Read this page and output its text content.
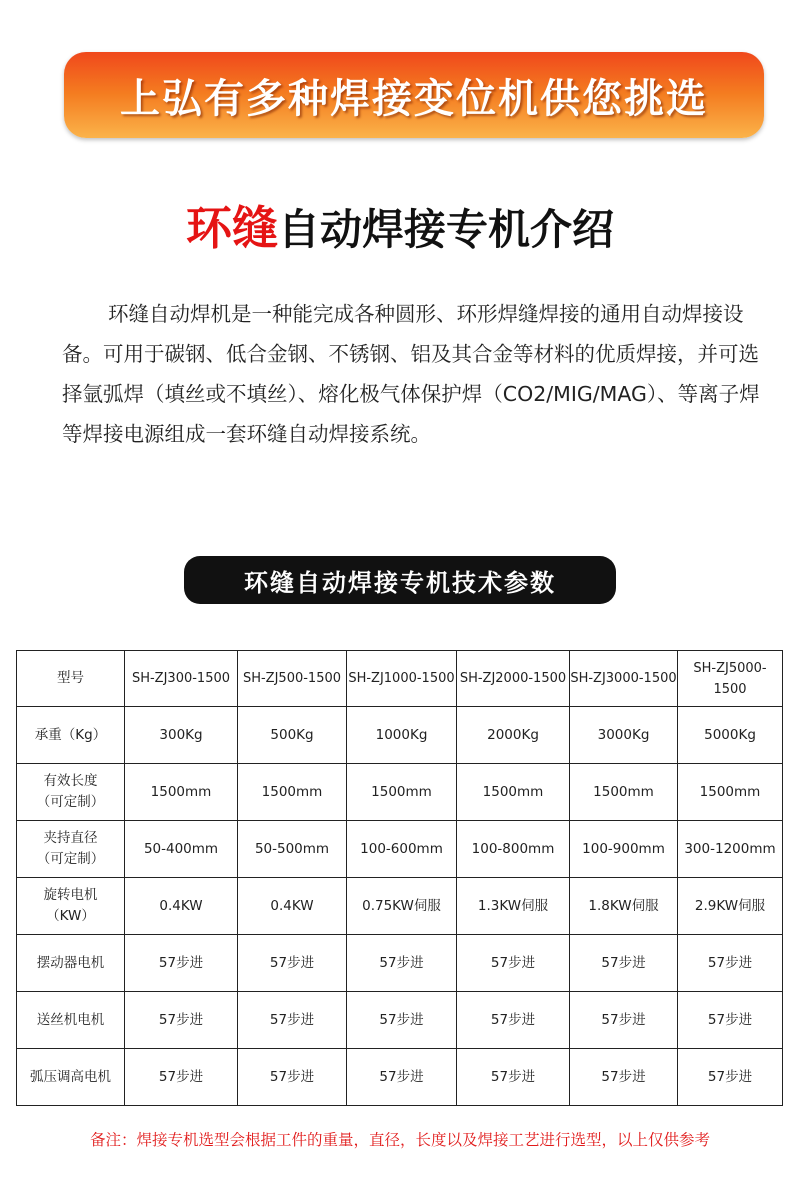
上弘有多种焊接变位机供您挑选
环缝自动焊接专机介绍
环缝自动焊机是一种能完成各种圆形、环形焊缝焊接的通用自动焊接设备。可用于碳钢、低合金钢、不锈钢、铝及其合金等材料的优质焊接，并可选择氩弧焊（填丝或不填丝）、熔化极气体保护焊（CO2/MIG/MAG）、等离子焊等焊接电源组成一套环缝自动焊接系统。
环缝自动焊接专机技术参数
型号	SH-ZJ300-1500	SH-ZJ500-1500	SH-ZJ1000-1500	SH-ZJ2000-1500	SH-ZJ3000-1500	SH-ZJ5000-1500

承重（Kg）	300Kg	500Kg	1000Kg	2000Kg	3000Kg	5000Kg

有效长度
（可定制）	1500mm	1500mm	1500mm	1500mm	1500mm	1500mm

夹持直径
（可定制）	50-400mm	50-500mm	100-600mm	100-800mm	100-900mm	300-1200mm

旋转电机
（KW）	0.4KW	0.4KW	0.75KW伺服	1.3KW伺服	1.8KW伺服	2.9KW伺服

摆动器电机	57步进	57步进	57步进	57步进	57步进	57步进

送丝机电机	57步进	57步进	57步进	57步进	57步进	57步进

弧压调高电机	57步进	57步进	57步进	57步进	57步进	57步进
备注：焊接专机选型会根据工件的重量，直径，长度以及焊接工艺进行选型，以上仅供参考
